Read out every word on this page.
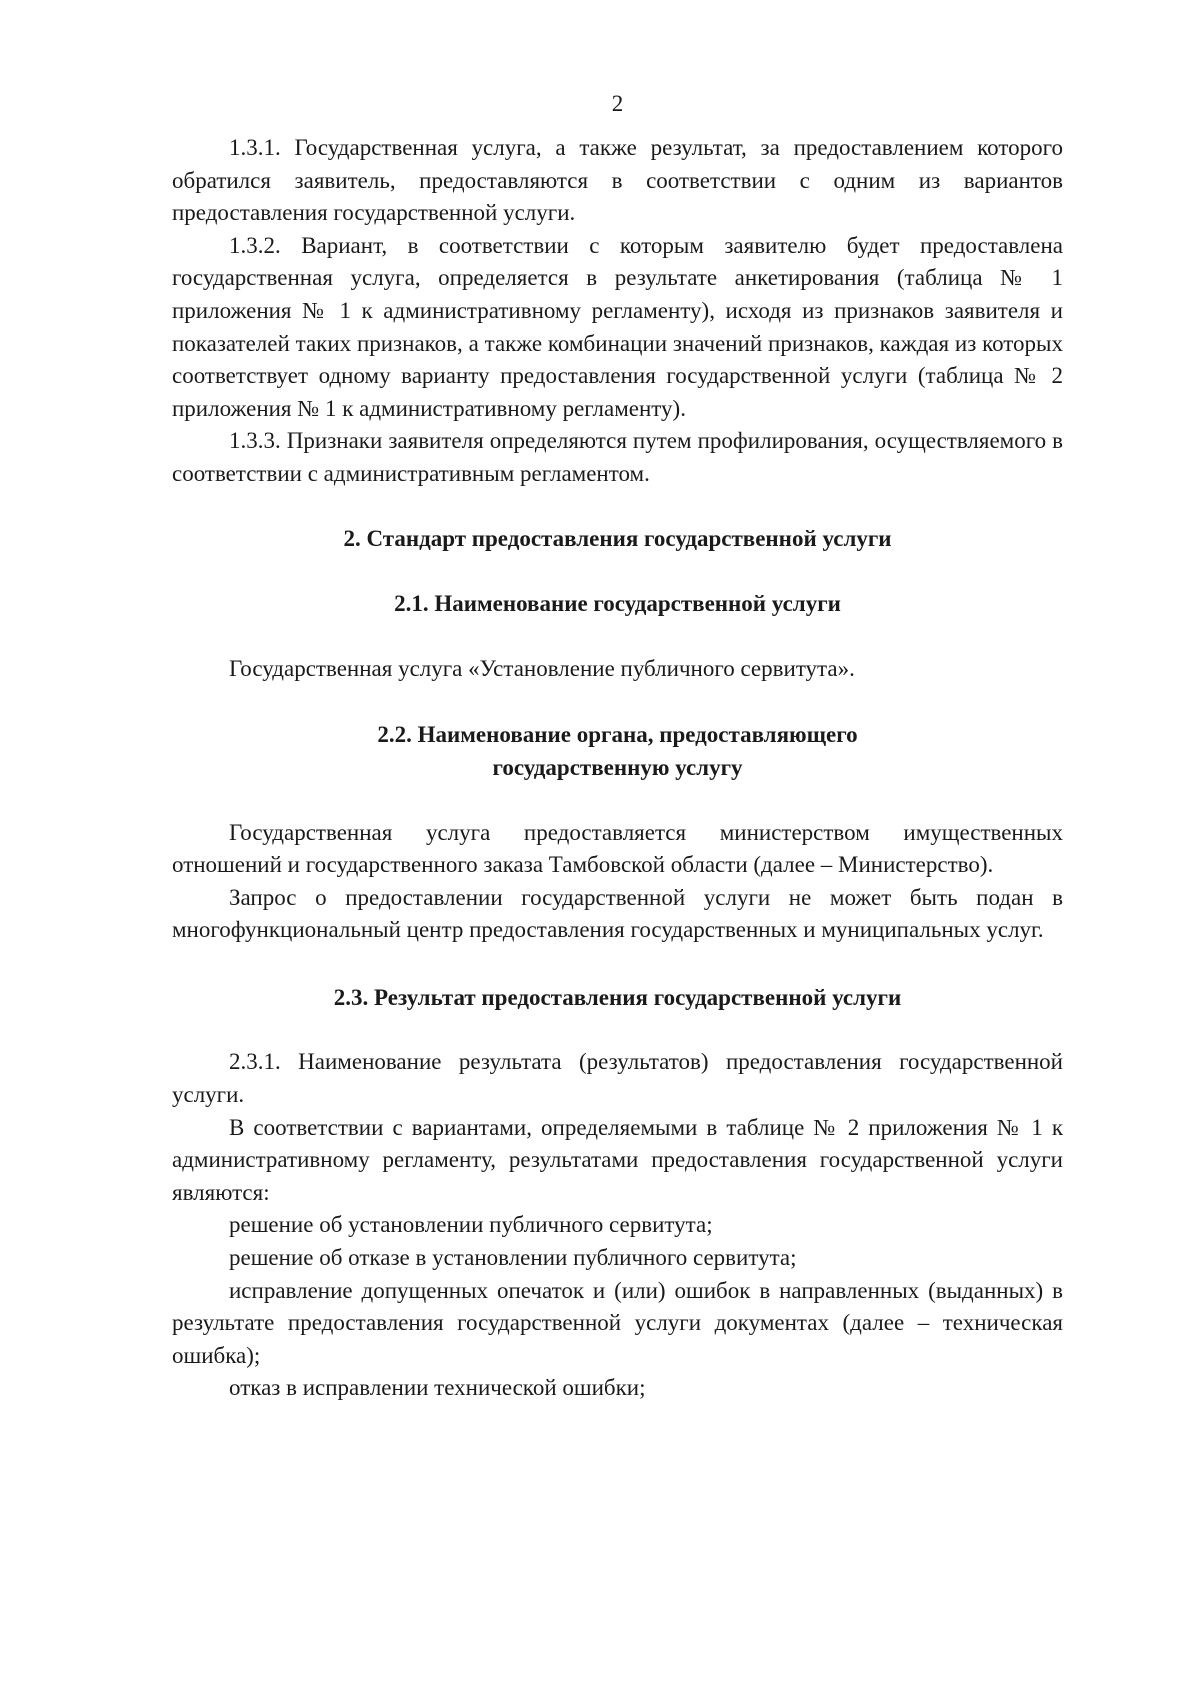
2

1.3.1. Государственная услуга, а также результат, за предоставлением которого обратился заявитель, предоставляются в соответствии с одним из вариантов предоставления государственной услуги.

1.3.2. Вариант, в соответствии с которым заявителю будет предоставлена государственная услуга, определяется в результате анкетирования (таблица № 1 приложения № 1 к административному регламенту), исходя из признаков заявителя и показателей таких признаков, а также комбинации значений признаков, каждая из которых соответствует одному варианту предоставления государственной услуги (таблица № 2 приложения № 1 к административному регламенту).

1.3.3. Признаки заявителя определяются путем профилирования, осуществляемого в соответствии с административным регламентом.

2. Стандарт предоставления государственной услуги
2.1. Наименование государственной услуги

Государственная услуга «Установление публичного сервитута».

2.2. Наименование органа, предоставляющего
государственную услугу

Государственная услуга предоставляется министерством имущественных отношений и государственного заказа Тамбовской области (далее – Министерство).

Запрос о предоставлении государственной услуги не может быть подан в многофункциональный центр предоставления государственных и муниципальных услуг.

2.3. Результат предоставления государственной услуги

2.3.1. Наименование результата (результатов) предоставления государственной услуги.

В соответствии с вариантами, определяемыми в таблице № 2 приложения № 1 к административному регламенту, результатами предоставления государственной услуги являются:

решение об установлении публичного сервитута;

решение об отказе в установлении публичного сервитута;

исправление допущенных опечаток и (или) ошибок в направленных (выданных) в результате предоставления государственной услуги документах (далее – техническая ошибка);

отказ в исправлении технической ошибки;
